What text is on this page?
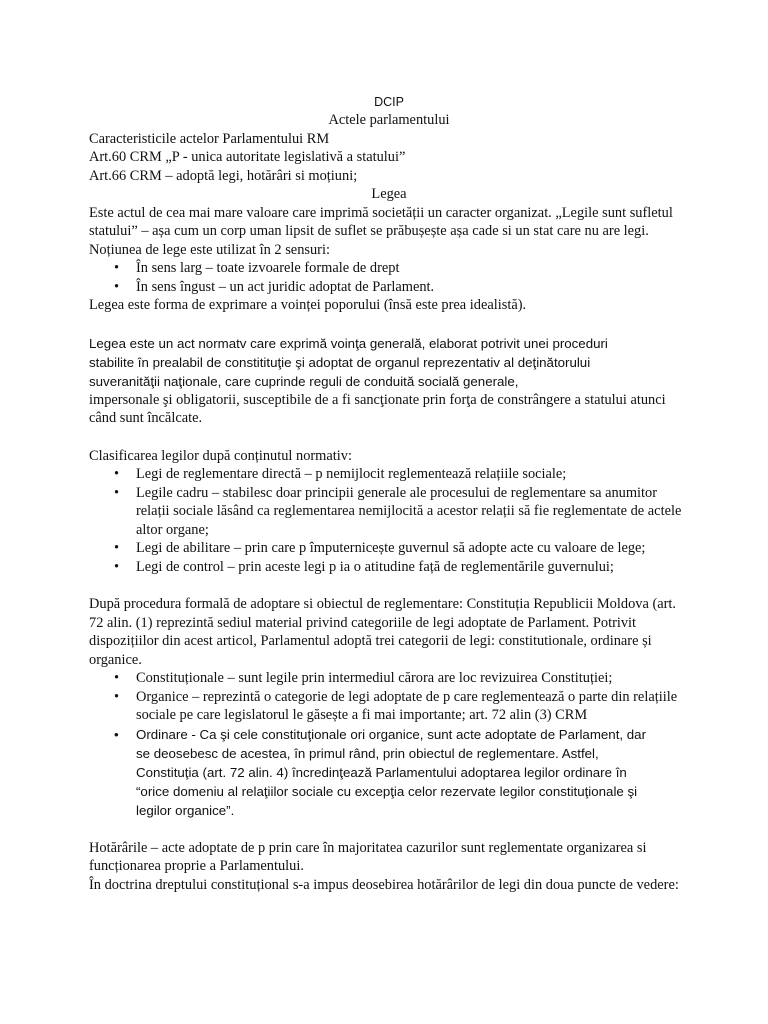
DCIP

Actele parlamentului

Caracteristicile actelor Parlamentului RM

Art.60 CRM „P - unica autoritate legislativă a statului”

Art.66 CRM – adoptă legi, hotărâri si moțiuni;

Legea

Este actul de cea mai mare valoare care imprimă societății un caracter organizat. „Legile sunt sufletul statului” – așa cum un corp uman lipsit de suflet se prăbușește așa cade si un stat care nu are legi.

Noțiunea de lege este utilizat în 2 sensuri:

• În sens larg – toate izvoarele formale de drept
• În sens îngust – un act juridic adoptat de Parlament.

Legea este forma de exprimare a voinței poporului (însă este prea idealistă).

Legea este un act normatv care exprimă voinţa generală, elaborat potrivit unei proceduri

stabilite în prealabil de constitituţie şi adoptat de organul reprezentativ al deţinătorului

suveranităţii naţionale, care cuprinde reguli de conduită socială generale,

impersonale şi obligatorii, susceptibile de a fi sancţionate prin forţa de constrângere a statului atunci când sunt încălcate.

Clasificarea legilor după conținutul normativ:

• Legi de reglementare directă – p nemijlocit reglementează relațiile sociale;
• Legile cadru – stabilesc doar principii generale ale procesului de reglementare sa anumitor relații sociale lăsând ca reglementarea nemijlocită a acestor relații să fie reglementate de actele altor organe;
• Legi de abilitare – prin care p împuternicește guvernul să adopte acte cu valoare de lege;
• Legi de control – prin aceste legi p ia o atitudine față de reglementările guvernului;

După procedura formală de adoptare si obiectul de reglementare: Constituția Republicii Moldova (art. 72 alin. (1) reprezintă sediul material privind categoriile de legi adoptate de Parlament. Potrivit dispozițiilor din acest articol, Parlamentul adoptă trei categorii de legi: constitutionale, ordinare și organice.

• Constituționale – sunt legile prin intermediul cărora are loc revizuirea Constituției;
• Organice – reprezintă o categorie de legi adoptate de p care reglementează o parte din relațiile sociale pe care legislatorul le găsește a fi mai importante; art. 72 alin (3) CRM
• Ordinare - Ca şi cele constituţionale ori organice, sunt acte adoptate de Parlament, dar
se deosebesc de acestea, în primul rând, prin obiectul de reglementare. Astfel,
Constituţia (art. 72 alin. 4) încredinţează Parlamentului adoptarea legilor ordinare în
“orice domeniu al relaţiilor sociale cu excepţia celor rezervate legilor constituţionale şi
legilor organice”.

Hotărârile – acte adoptate de p prin care în majoritatea cazurilor sunt reglementate organizarea si funcționarea proprie a Parlamentului.

În doctrina dreptului constituțional s-a impus deosebirea hotărârilor de legi din doua puncte de vedere:
